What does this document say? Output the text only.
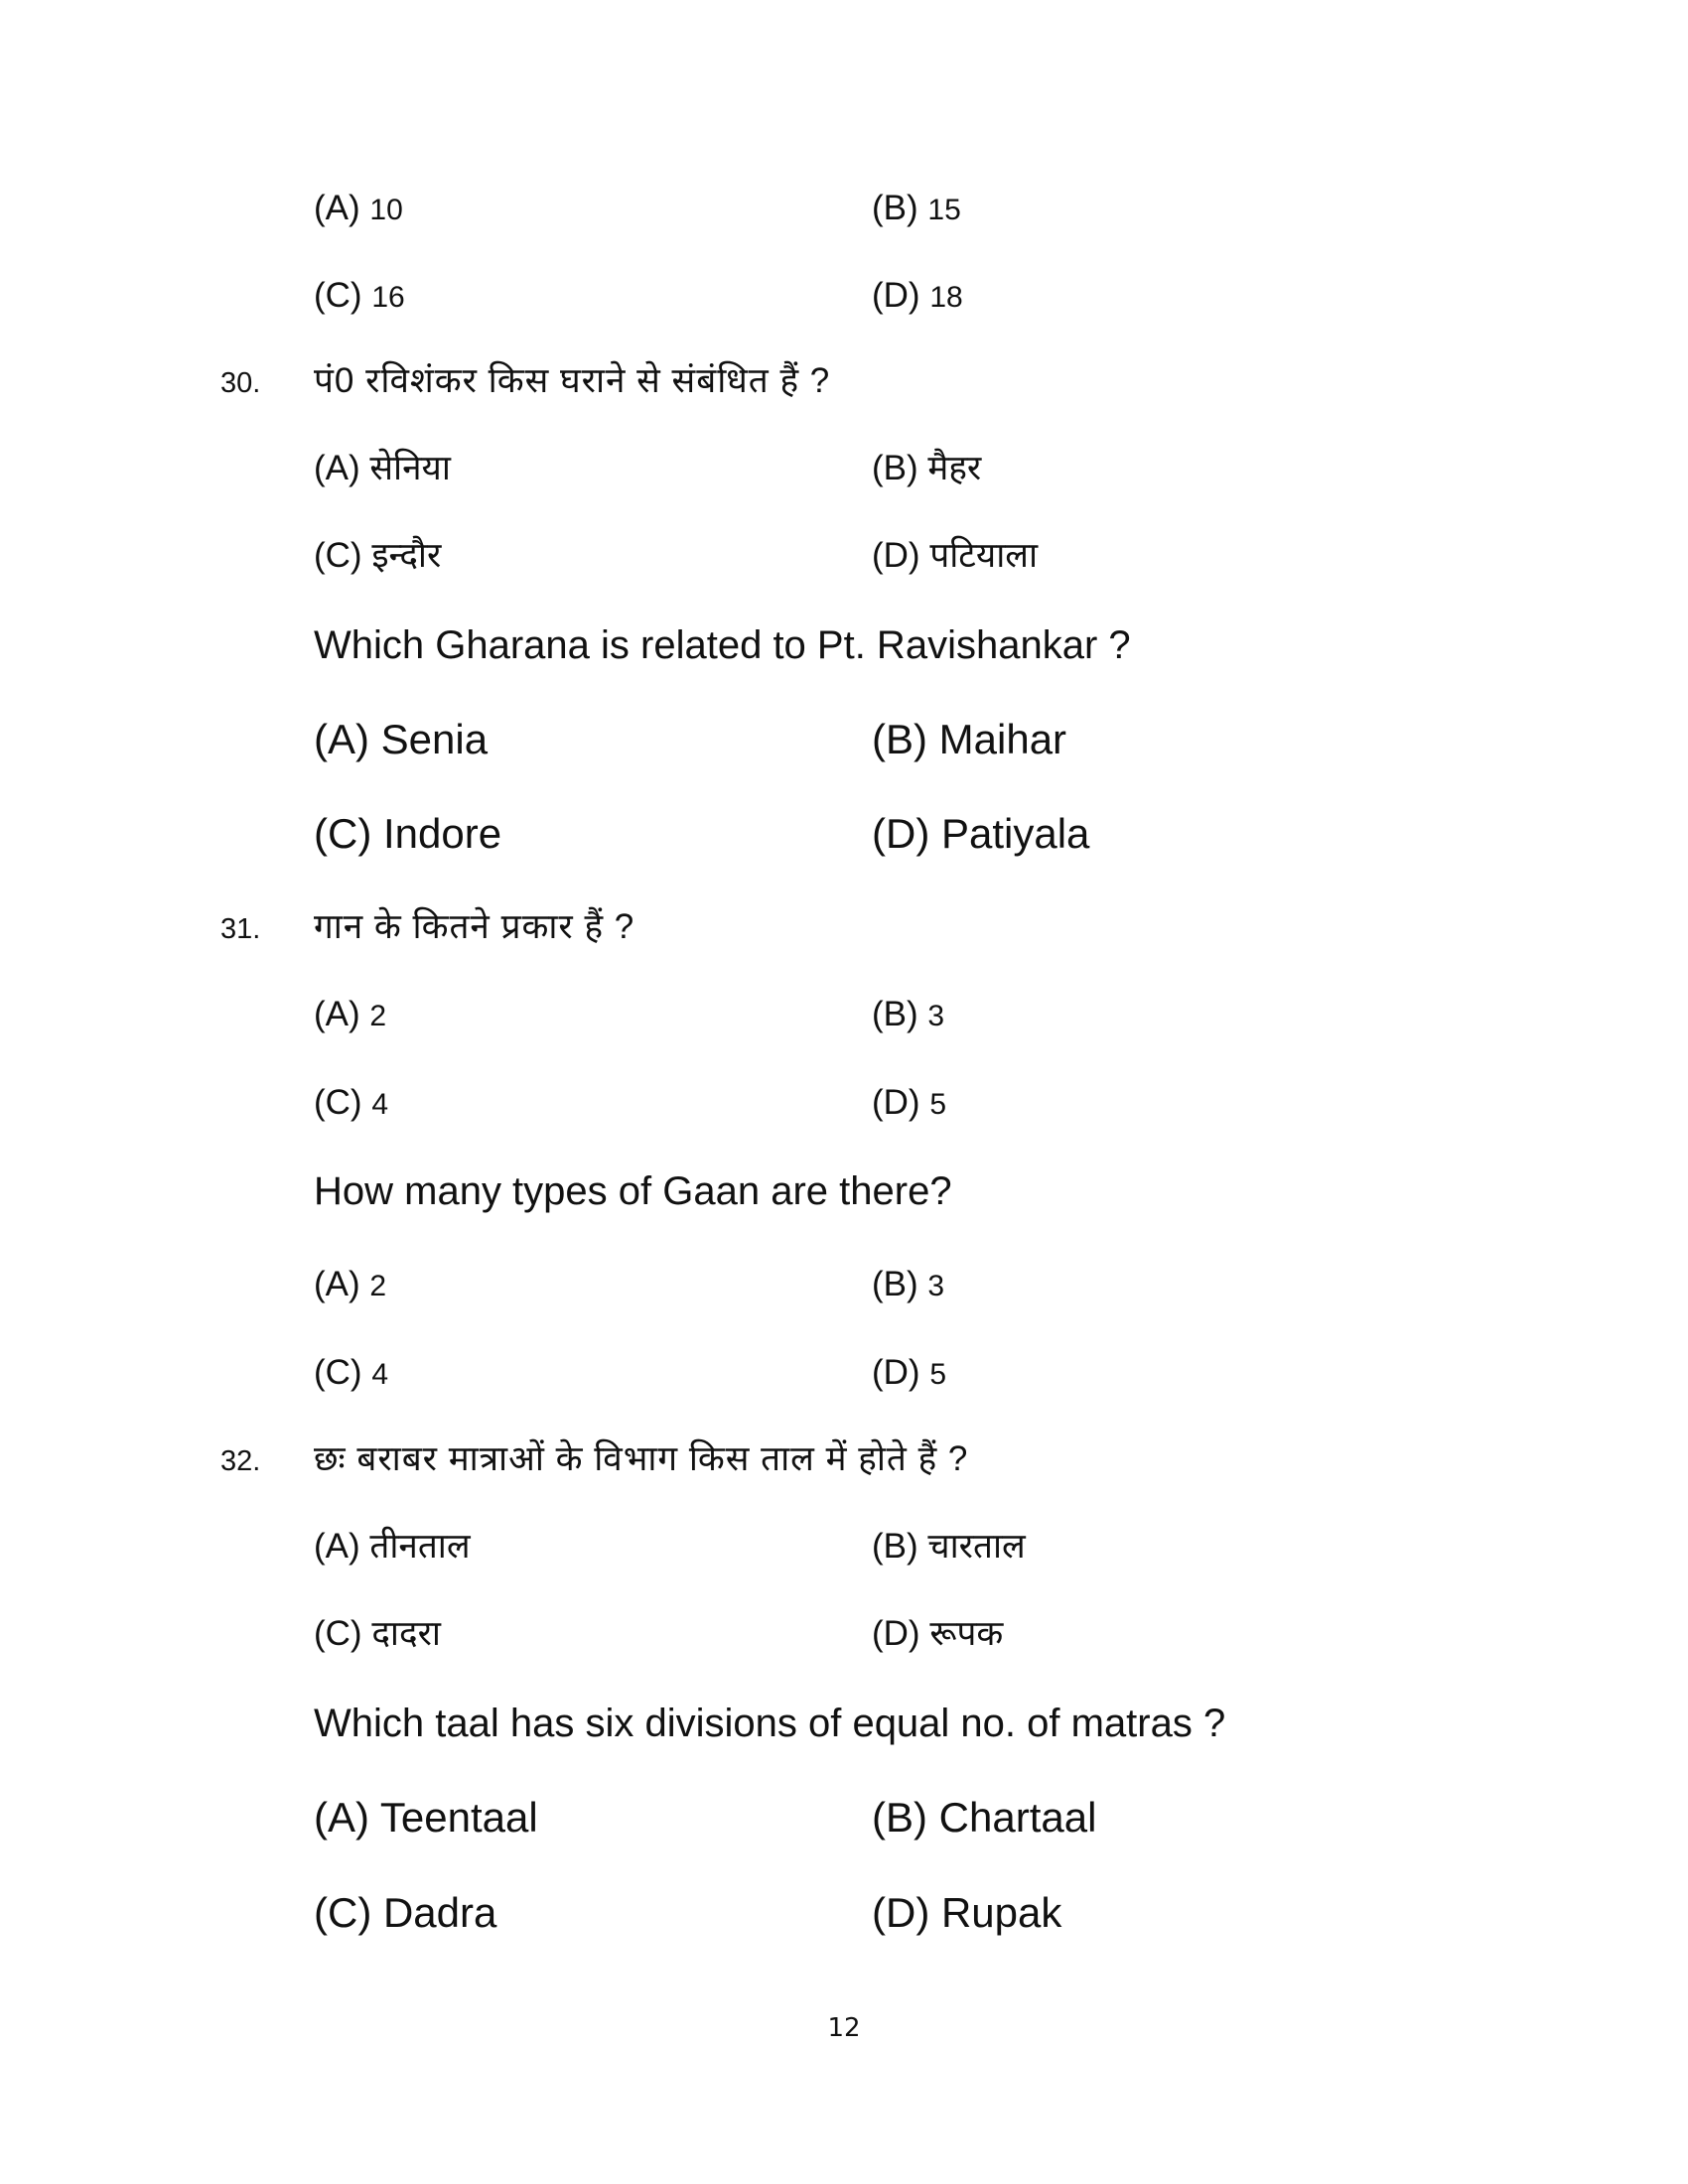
(A) 10	(B) 15
(C) 16	(D) 18
30. पं0 रविशंकर किस घराने से संबंधित हैं ?
(A) सेनिया	(B) मैहर
(C) इन्दौर	(D) पटियाला
Which Gharana is related to Pt. Ravishankar ?
(A) Senia	(B) Maihar
(C) Indore	(D) Patiyala
31. गान के कितने प्रकार हैं ?
(A) 2	(B) 3
(C) 4	(D) 5
How many types of Gaan are there?
(A) 2	(B) 3
(C) 4	(D) 5
32. छः बराबर मात्राओं के विभाग किस ताल में होते हैं ?
(A) तीनताल	(B) चारताल
(C) दादरा	(D) रूपक
Which taal has six divisions of equal no. of matras ?
(A) Teentaal	(B) Chartaal
(C) Dadra	(D) Rupak
12
